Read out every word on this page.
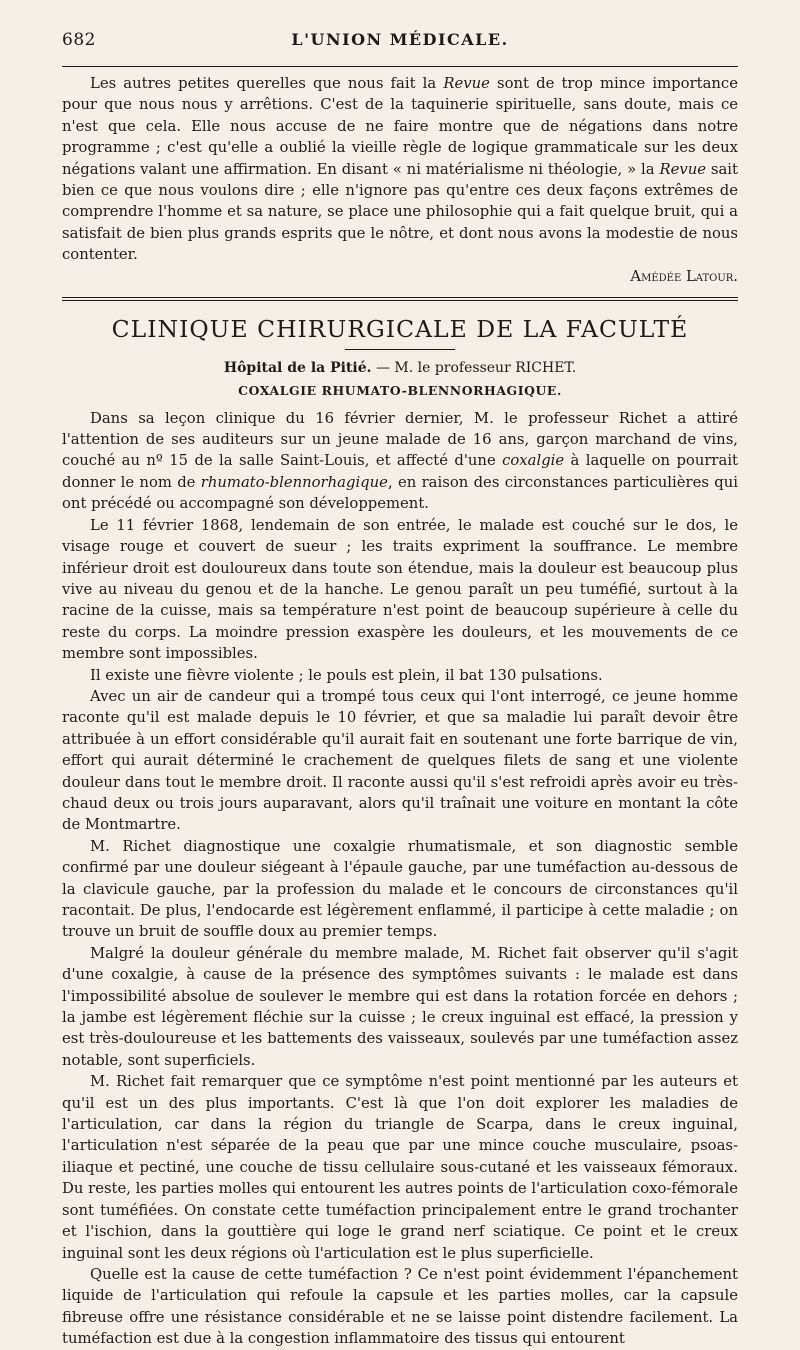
682	L'UNION MÉDICALE.

Les autres petites querelles que nous fait la Revue sont de trop mince importance pour que nous nous y arrêtions. C'est de la taquinerie spirituelle, sans doute, mais ce n'est que cela. Elle nous accuse de ne faire montre que de négations dans notre programme ; c'est qu'elle a oublié la vieille règle de logique grammaticale sur les deux négations valant une affirmation. En disant « ni matérialisme ni théologie, » la Revue sait bien ce que nous voulons dire ; elle n'ignore pas qu'entre ces deux façons extrêmes de comprendre l'homme et sa nature, se place une philosophie qui a fait quelque bruit, qui a satisfait de bien plus grands esprits que le nôtre, et dont nous avons la modestie de nous contenter.

Amédée Latour.
CLINIQUE CHIRURGICALE DE LA FACULTÉ
Hôpital de la Pitié. — M. le professeur RICHET.
COXALGIE RHUMATO-BLENNORHAGIQUE.

Dans sa leçon clinique du 16 février dernier, M. le professeur Richet a attiré l'attention de ses auditeurs sur un jeune malade de 16 ans, garçon marchand de vins, couché au nº 15 de la salle Saint-Louis, et affecté d'une coxalgie à laquelle on pourrait donner le nom de rhumato-blennorhagique, en raison des circonstances particulières qui ont précédé ou accompagné son développement.

Le 11 février 1868, lendemain de son entrée, le malade est couché sur le dos, le visage rouge et couvert de sueur ; les traits expriment la souffrance. Le membre inférieur droit est douloureux dans toute son étendue, mais la douleur est beaucoup plus vive au niveau du genou et de la hanche. Le genou paraît un peu tuméfié, surtout à la racine de la cuisse, mais sa température n'est point de beaucoup supérieure à celle du reste du corps. La moindre pression exaspère les douleurs, et les mouvements de ce membre sont impossibles.

Il existe une fièvre violente ; le pouls est plein, il bat 130 pulsations.

Avec un air de candeur qui a trompé tous ceux qui l'ont interrogé, ce jeune homme raconte qu'il est malade depuis le 10 février, et que sa maladie lui paraît devoir être attribuée à un effort considérable qu'il aurait fait en soutenant une forte barrique de vin, effort qui aurait déterminé le crachement de quelques filets de sang et une violente douleur dans tout le membre droit. Il raconte aussi qu'il s'est refroidi après avoir eu très-chaud deux ou trois jours auparavant, alors qu'il traînait une voiture en montant la côte de Montmartre.

M. Richet diagnostique une coxalgie rhumatismale, et son diagnostic semble confirmé par une douleur siégeant à l'épaule gauche, par une tuméfaction au-dessous de la clavicule gauche, par la profession du malade et le concours de circonstances qu'il racontait. De plus, l'endocarde est légèrement enflammé, il participe à cette maladie ; on trouve un bruit de souffle doux au premier temps.

Malgré la douleur générale du membre malade, M. Richet fait observer qu'il s'agit d'une coxalgie, à cause de la présence des symptômes suivants : le malade est dans l'impossibilité absolue de soulever le membre qui est dans la rotation forcée en dehors ; la jambe est légèrement fléchie sur la cuisse ; le creux inguinal est effacé, la pression y est très-douloureuse et les battements des vaisseaux, soulevés par une tuméfaction assez notable, sont superficiels.

M. Richet fait remarquer que ce symptôme n'est point mentionné par les auteurs et qu'il est un des plus importants. C'est là que l'on doit explorer les maladies de l'articulation, car dans la région du triangle de Scarpa, dans le creux inguinal, l'articulation n'est séparée de la peau que par une mince couche musculaire, psoas-iliaque et pectiné, une couche de tissu cellulaire sous-cutané et les vaisseaux fémoraux. Du reste, les parties molles qui entourent les autres points de l'articulation coxo-fémorale sont tuméfiées. On constate cette tuméfaction principalement entre le grand trochanter et l'ischion, dans la gouttière qui loge le grand nerf sciatique. Ce point et le creux inguinal sont les deux régions où l'articulation est le plus superficielle.

Quelle est la cause de cette tuméfaction ? Ce n'est point évidemment l'épanchement liquide de l'articulation qui refoule la capsule et les parties molles, car la capsule fibreuse offre une résistance considérable et ne se laisse point distendre facilement. La tuméfaction est due à la congestion inflammatoire des tissus qui entourent
